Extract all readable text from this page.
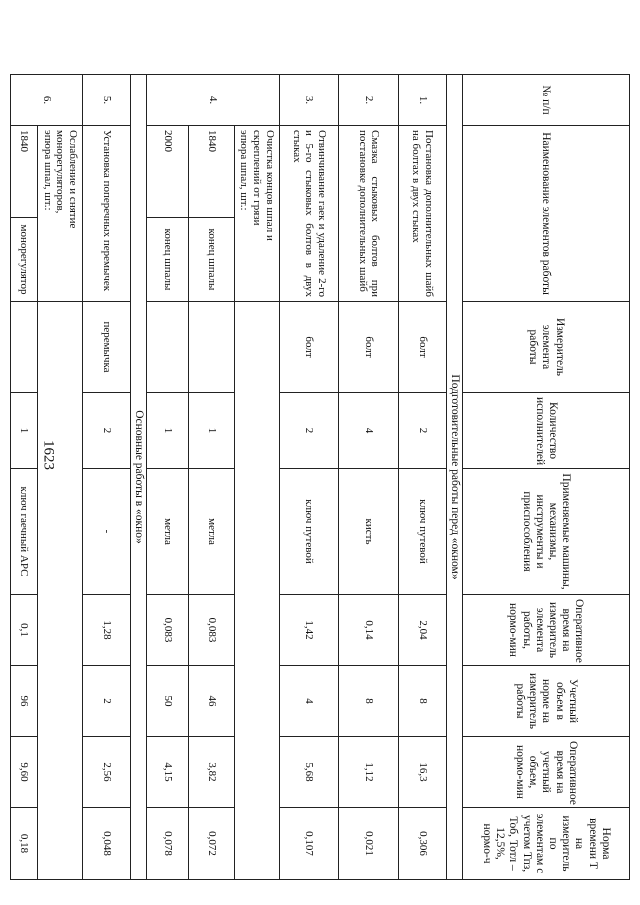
1623
№ п/п	Наименование элементов работы		Измеритель элемента работы	Количество исполнителей	Применяемые машины, механизмы, инструменты и приспособления	Оперативное время на измеритель элемента работы, нормо-мин	Учетный объем в норме на измеритель работы	Оперативное время на учетный объем, нормо-мин	Норма времени Т на измеритель по элементам с учетом Тпз, Тоб, Тотл – 12,5%, нормо-ч
Подготовительные работы перед «окном»									
1.	Постановка дополнительных шайб на болтах в двух стыках		болт	2	ключ путевой	2,04	8	16,3	0,306
2.	Смазка стыковых болтов при постановке дополнительных шайб		болт	4	кисть	0,14	8	1,12	0,021
3.	Отвинчивание гаек и удаление 2-го и 5-го стыковых болтов в двух стыках		болт	2	ключ путевой	1,42	4	5,68	0,107
4.	Очистка концов шпал и скреплений от грязи
эпюра шпал, шт.:								
	1840	конец шпалы		1	метла	0,083	46	3,82	0,072
	2000	конец шпалы		1	метла	0,083	50	4,15	0,078
Основные работы в «окно»									
5.	Установка поперечных перемычек		перемычка	2	-	1,28	2	2,56	0,048
6.	Ослабление и снятие монорегуляторов,
эпюра шпал, шт.:								
	1840	монорегулятор		1	ключ гаечный АРС	0,1	96	9,60	0,18
